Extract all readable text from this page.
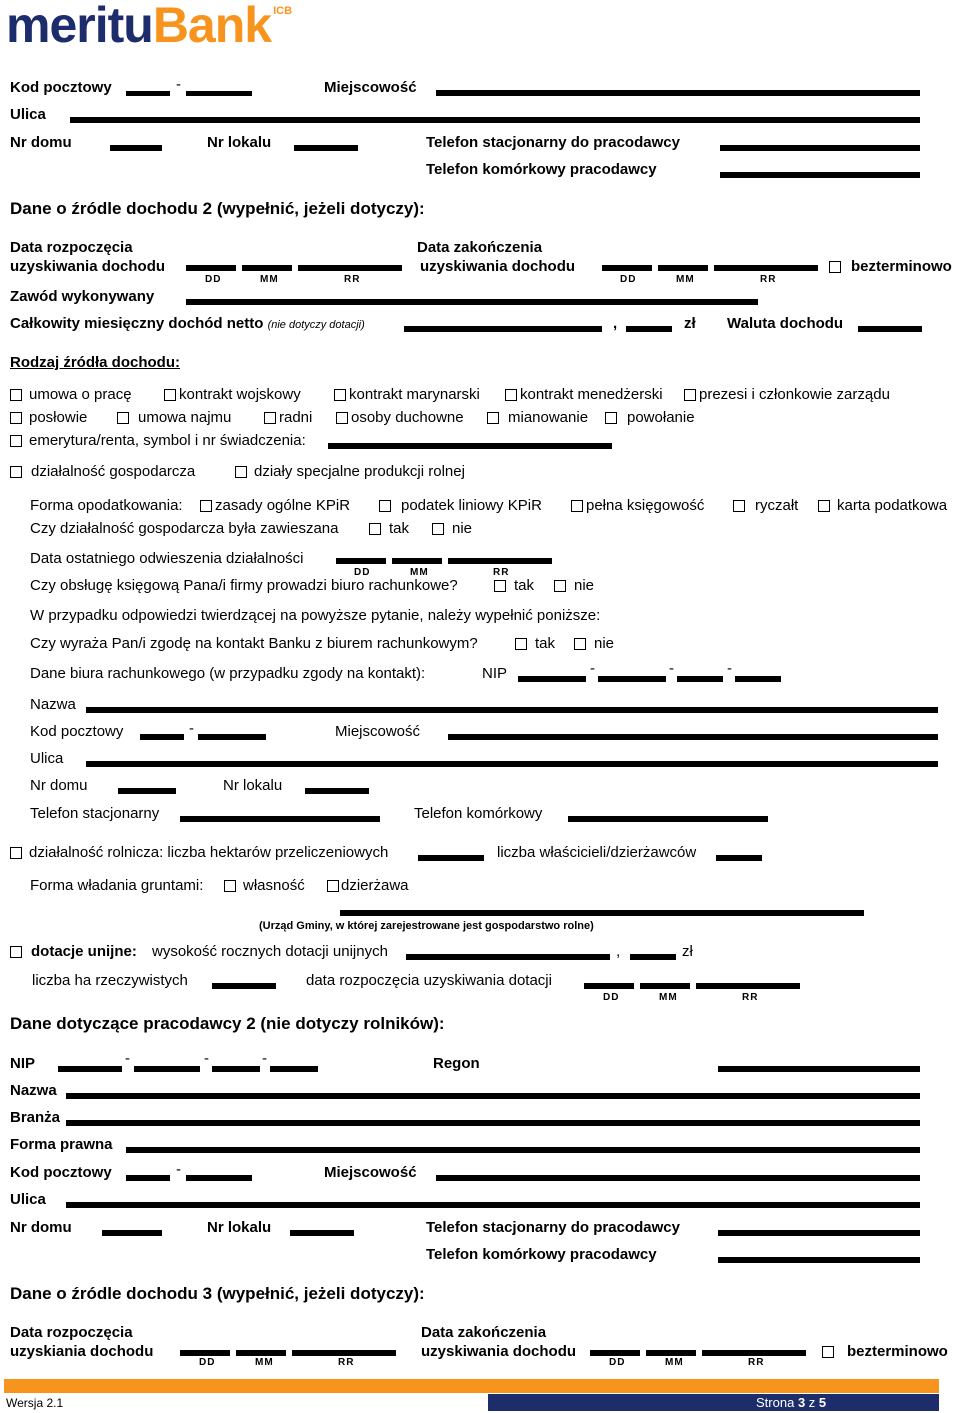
merituBank $^{ICB}$
Kod pocztowy	-	Miejscowość
Ulica
Nr domu	Nr lokalu	Telefon stacjonarny do pracodawcy
Telefon komórkowy pracodawcy
Dane o źródle dochodu 2 (wypełnić, jeżeli dotyczy):
Data rozpoczęcia
uzyskiwania dochodu
DD	MM	RR
Data zakończenia
uzyskiwania dochodu
DD	MM	RR
bezterminowo
Zawód wykonywany
Całkowity miesięczny dochód netto (nie dotyczy dotacji)	,	zł Waluta dochodu
Rodzaj źródła dochodu:
umowa o pracę	kontrakt wojskowy	kontrakt marynarski	kontrakt menedżerski prezesi i członkowie zarządu
posłowie	umowa najmu	radni	osoby duchowne	mianowanie	powołanie
emerytura/renta, symbol i nr świadczenia:
działalność gospodarcza	działy specjalne produkcji rolnej
Forma opodatkowania: zasady ogólne KPiR	podatek liniowy KPiR	pełna księgowość	ryczałt	karta podatkowa
Czy działalność gospodarcza była zawieszana	tak	nie
Data ostatniego odwieszenia działalności
DD	MM	RR
Czy obsługę księgową Pana/i firmy prowadzi biuro rachunkowe?	tak	nie
W przypadku odpowiedzi twierdzącej na powyższe pytanie, należy wypełnić poniższe:
Czy wyraża Pan/i zgodę na kontakt Banku z biurem rachunkowym?	tak	nie
Dane biura rachunkowego (w przypadku zgody na kontakt):	NIP	-	-	-
Nazwa
Kod pocztowy	-	Miejscowość
Ulica
Nr domu	Nr lokalu
Telefon stacjonarny	Telefon komórkowy
działalność rolnicza: liczba hektarów przeliczeniowych	liczba właścicieli/dzierżawców
Forma władania gruntami:	własność dzierżawa
(Urząd Gminy, w której zarejestrowane jest gospodarstwo rolne)
dotacje unijne: wysokość rocznych dotacji unijnych	,	zł
liczba ha rzeczywistych	data rozpoczęcia uzyskiwania dotacji
DD	MM	RR
Dane dotyczące pracodawcy 2 (nie dotyczy rolników):
NIP	-	-	-	Regon
Nazwa
Branża
Forma prawna
Kod pocztowy	-	Miejscowość
Ulica
Nr domu	Nr lokalu	Telefon stacjonarny do pracodawcy
Telefon komórkowy pracodawcy
Dane o źródle dochodu 3 (wypełnić, jeżeli dotyczy):
Data rozpoczęcia
uzyskiania dochodu
DD	MM	RR
Data zakończenia
uzyskiwania dochodu
DD	MM	RR
bezterminowo
Wersja 2.1	Strona 3 z 5
